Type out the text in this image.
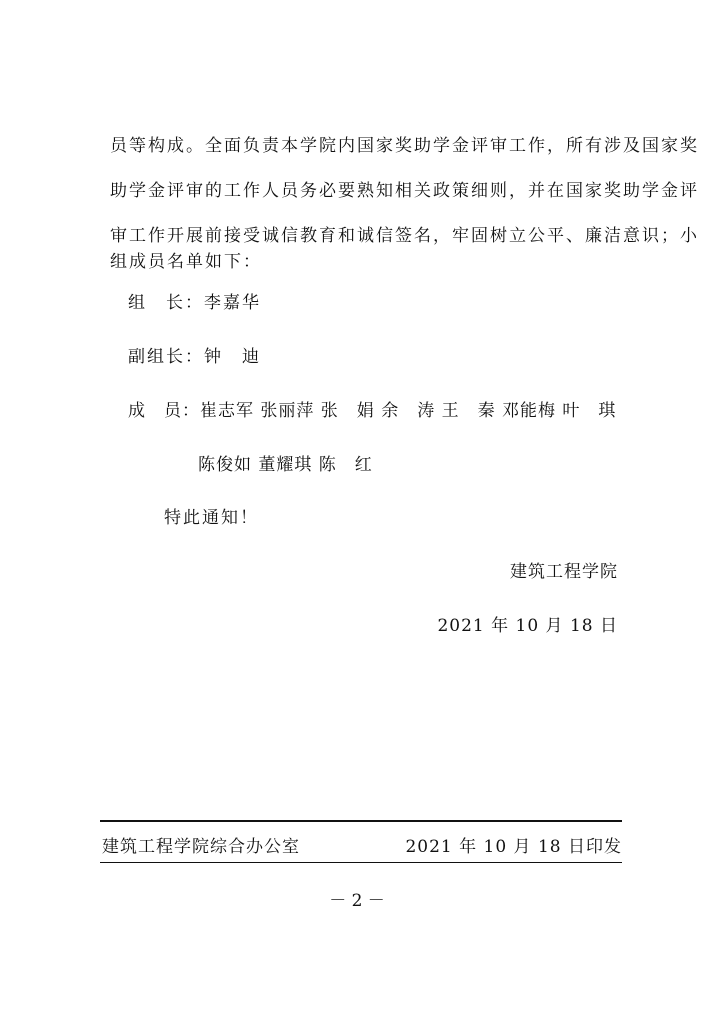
员等构成。全面负责本学院内国家奖助学金评审工作，所有涉及国家奖
助学金评审的工作人员务必要熟知相关政策细则，并在国家奖助学金评
审工作开展前接受诚信教育和诚信签名，牢固树立公平、廉洁意识；小
组成员名单如下：
组　长：李嘉华
副组长：钟　迪
成　员：崔志军 张丽萍 张　娟 余　涛 王　秦 邓能梅 叶　琪
陈俊如 董耀琪 陈　红
特此通知！
建筑工程学院
2021 年 10 月 18 日
建筑工程学院综合办公室	2021 年 10 月 18 日印发
－ 2 －
